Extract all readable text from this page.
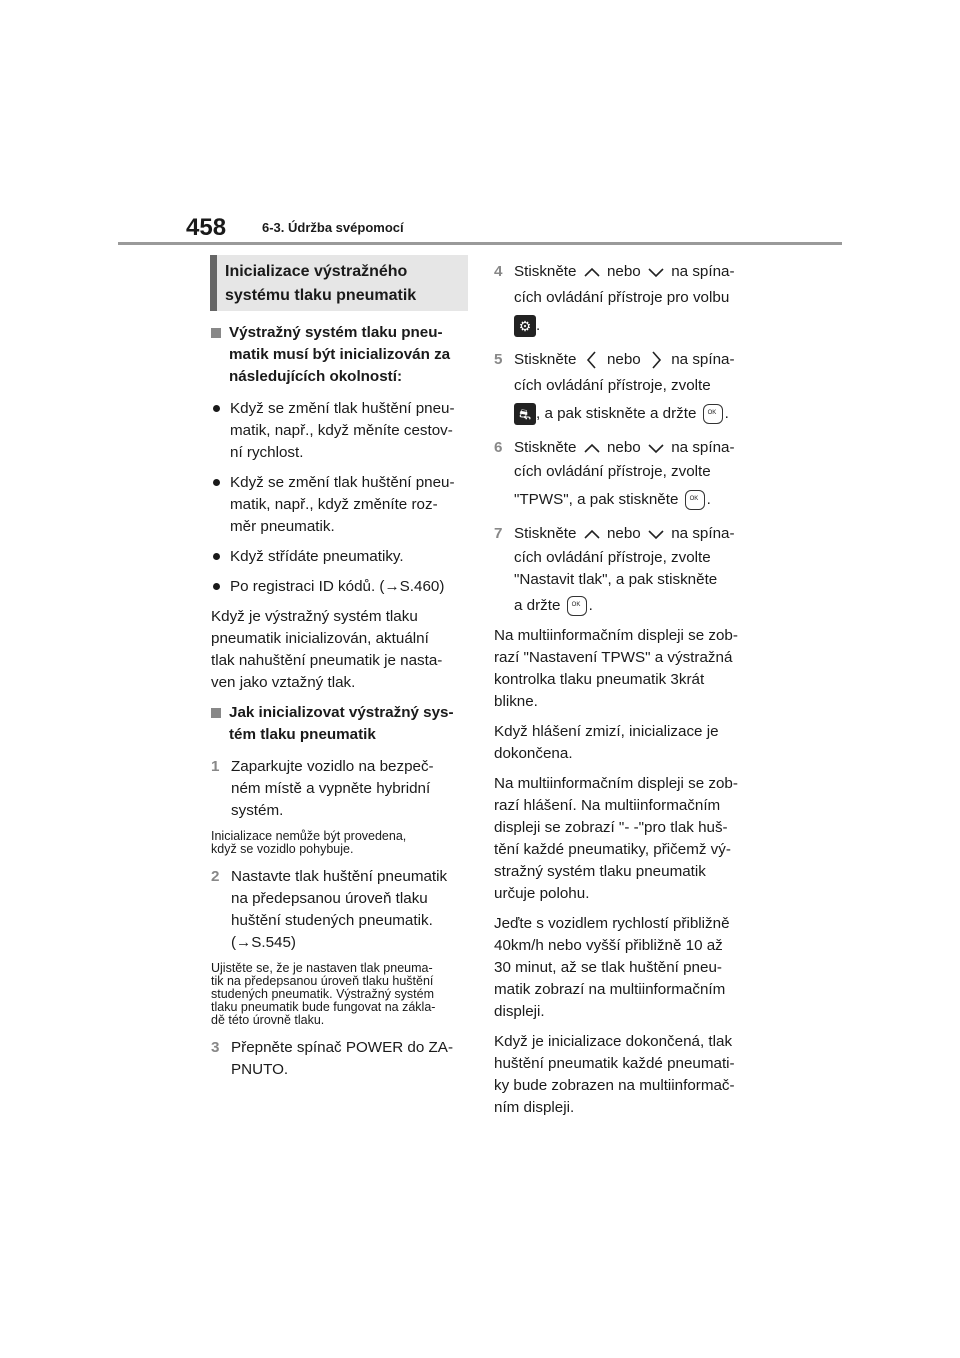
458	6-3. Údržba svépomocí
Inicializace výstražného
systému tlaku pneumatik
Výstražný systém tlaku pneu-
matik musí být inicializován za
následujících okolností:
Když se změní tlak huštění pneu-
matik, např., když měníte cestov-
ní rychlost.
Když se změní tlak huštění pneu-
matik, např., když změníte roz-
měr pneumatik.
Když střídáte pneumatiky.
Po registraci ID kódů. (→S.460)
Když je výstražný systém tlaku
pneumatik inicializován, aktuální
tlak nahuštění pneumatik je nasta-
ven jako vztažný tlak.
Jak inicializovat výstražný sys-
tém tlaku pneumatik
1 Zaparkujte vozidlo na bezpeč-
ném místě a vypněte hybridní
systém.
Inicializace nemůže být provedena,
když se vozidlo pohybuje.
2 Nastavte tlak huštění pneumatik
na předepsanou úroveň tlaku
huštění studených pneumatik.
(→S.545)
Ujistěte se, že je nastaven tlak pneuma-
tik na předepsanou úroveň tlaku huštění
studených pneumatik. Výstražný systém
tlaku pneumatik bude fungovat na zákla-
dě této úrovně tlaku.
3 Přepněte spínač POWER do ZA-
PNUTO.
4 Stiskněte nebo na spína-
cích ovládání přístroje pro volbu
⚙ .
5 Stiskněte nebo na spína-
cích ovládání přístroje, zvolte
⛐ , a pak stiskněte a držte OK .
6 Stiskněte nebo na spína-
cích ovládání přístroje, zvolte
"TPWS", a pak stiskněte OK .
7 Stiskněte nebo na spína-
cích ovládání přístroje, zvolte
"Nastavit tlak", a pak stiskněte
a držte OK .
Na multiinformačním displeji se zob-
razí "Nastavení TPWS" a výstražná
kontrolka tlaku pneumatik 3krát
blikne.
Když hlášení zmizí, inicializace je
dokončena.
Na multiinformačním displeji se zob-
razí hlášení. Na multiinformačním
displeji se zobrazí "- -"pro tlak huš-
tění každé pneumatiky, přičemž vý-
stražný systém tlaku pneumatik
určuje polohu.
Jeďte s vozidlem rychlostí přibližně
40km/h nebo vyšší přibližně 10 až
30 minut, až se tlak huštění pneu-
matik zobrazí na multiinformačním
displeji.
Když je inicializace dokončená, tlak
huštění pneumatik každé pneumati-
ky bude zobrazen na multiinformač-
ním displeji.
